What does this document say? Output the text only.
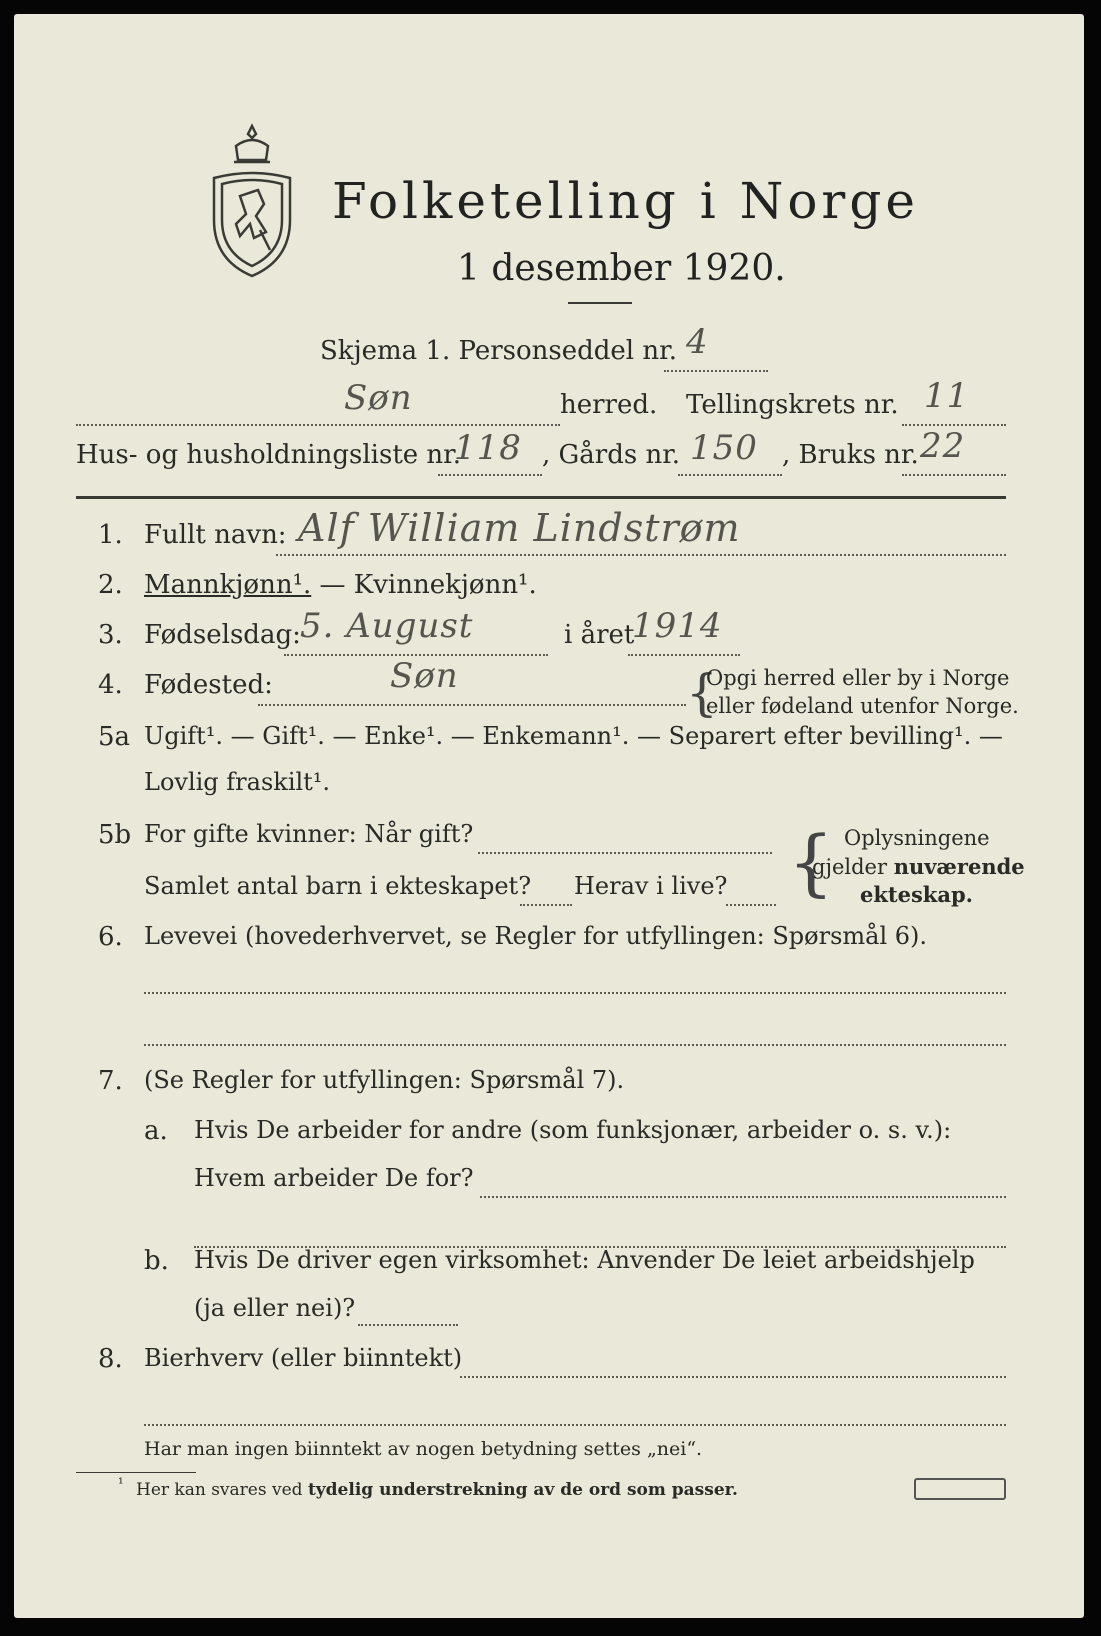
Folketelling i Norge
1 desember 1920.
Skjema 1. Personseddel nr. 4
Søn	herred. Tellingskrets nr. 11
Hus- og husholdningsliste nr.
118 , Gårds nr. 150 , Bruks nr. 22
1. Fullt navn: Alf William Lindstrøm
2. Mannkjønn¹. — Kvinnekjønn¹.
3. Fødselsdag: 5. August	i året
1914
4. Fødested:	Søn	{
Opgi herred eller by i Norge
eller fødeland utenfor Norge.
5a Ugift¹. — Gift¹. — Enke¹. — Enkemann¹. — Separert efter bevilling¹. —
Lovlig fraskilt¹.
5b For gifte kvinner: Når gift?
Samlet antal barn i ekteskapet? Herav i live? { Oplysningene
gjelder nuværende
ekteskap.
6. Levevei (hovederhvervet, se Regler for utfyllingen: Spørsmål 6).
7. (Se Regler for utfyllingen: Spørsmål 7).
a. Hvis De arbeider for andre (som funksjonær, arbeider o. s. v.):
Hvem arbeider De for?
b. Hvis De driver egen virksomhet: Anvender De leiet arbeidshjelp
(ja eller nei)?
8. Bierhverv (eller biinntekt)
Har man ingen biinntekt av nogen betydning settes „nei“.
¹ Her kan svares ved tydelig understrekning av de ord som passer.
